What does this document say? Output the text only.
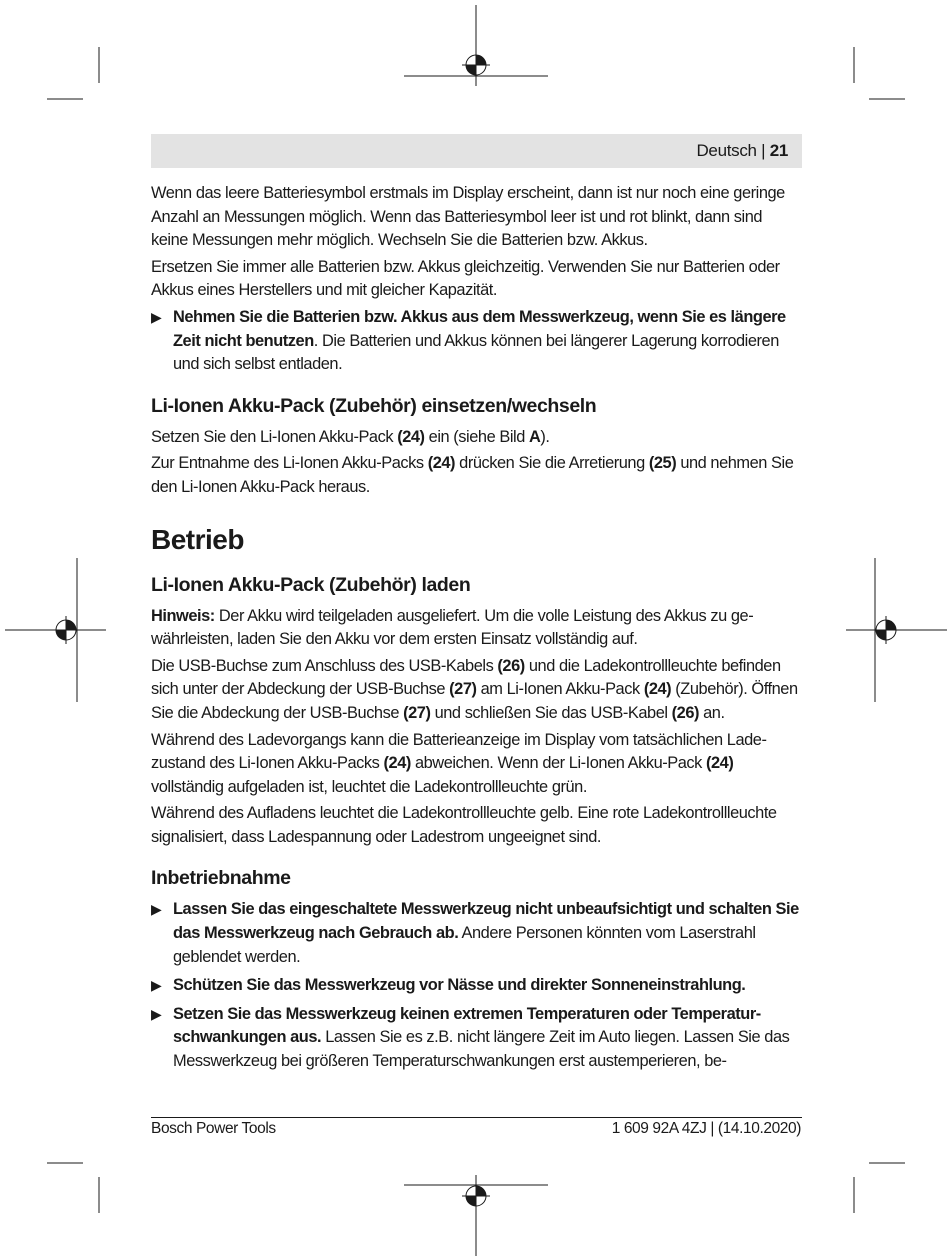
Deutsch | 21

Wenn das leere Batteriesymbol erstmals im Display erscheint, dann ist nur noch eine geringe Anzahl an Messungen möglich. Wenn das Batteriesymbol leer ist und rot blinkt, dann sind keine Messungen mehr möglich. Wechseln Sie die Batterien bzw. Akkus.

Ersetzen Sie immer alle Batterien bzw. Akkus gleichzeitig. Verwenden Sie nur Batterien oder Akkus eines Herstellers und mit gleicher Kapazität.

▶ Nehmen Sie die Batterien bzw. Akkus aus dem Messwerkzeug, wenn Sie es längere Zeit nicht benutzen. Die Batterien und Akkus können bei längerer Lagerung korrodieren und sich selbst entladen.

Li-Ionen Akku-Pack (Zubehör) einsetzen/wechseln

Setzen Sie den Li-Ionen Akku-Pack (24) ein (siehe Bild A).

Zur Entnahme des Li-Ionen Akku-Packs (24) drücken Sie die Arretierung (25) und nehmen Sie den Li-Ionen Akku-Pack heraus.

Betrieb

Li-Ionen Akku-Pack (Zubehör) laden

Hinweis: Der Akku wird teilgeladen ausgeliefert. Um die volle Leistung des Akkus zu gewährleisten, laden Sie den Akku vor dem ersten Einsatz vollständig auf.

Die USB-Buchse zum Anschluss des USB-Kabels (26) und die Ladekontrollleuchte befinden sich unter der Abdeckung der USB-Buchse (27) am Li-Ionen Akku-Pack (24) (Zubehör). Öffnen Sie die Abdeckung der USB-Buchse (27) und schließen Sie das USB-Kabel (26) an.

Während des Ladevorgangs kann die Batterieanzeige im Display vom tatsächlichen Ladezustand des Li-Ionen Akku-Packs (24) abweichen. Wenn der Li-Ionen Akku-Pack (24) vollständig aufgeladen ist, leuchtet die Ladekontrollleuchte grün.

Während des Aufladens leuchtet die Ladekontrollleuchte gelb. Eine rote Ladekontrollleuchte signalisiert, dass Ladespannung oder Ladestrom ungeeignet sind.

Inbetriebnahme

▶ Lassen Sie das eingeschaltete Messwerkzeug nicht unbeaufsichtigt und schalten Sie das Messwerkzeug nach Gebrauch ab. Andere Personen könnten vom Laserstrahl geblendet werden.

▶ Schützen Sie das Messwerkzeug vor Nässe und direkter Sonneneinstrahlung.

▶ Setzen Sie das Messwerkzeug keinen extremen Temperaturen oder Temperaturschwankungen aus. Lassen Sie es z.B. nicht längere Zeit im Auto liegen. Lassen Sie das Messwerkzeug bei größeren Temperaturschwankungen erst austemperieren, be-

Bosch Power Tools	1 609 92A 4ZJ | (14.10.2020)
